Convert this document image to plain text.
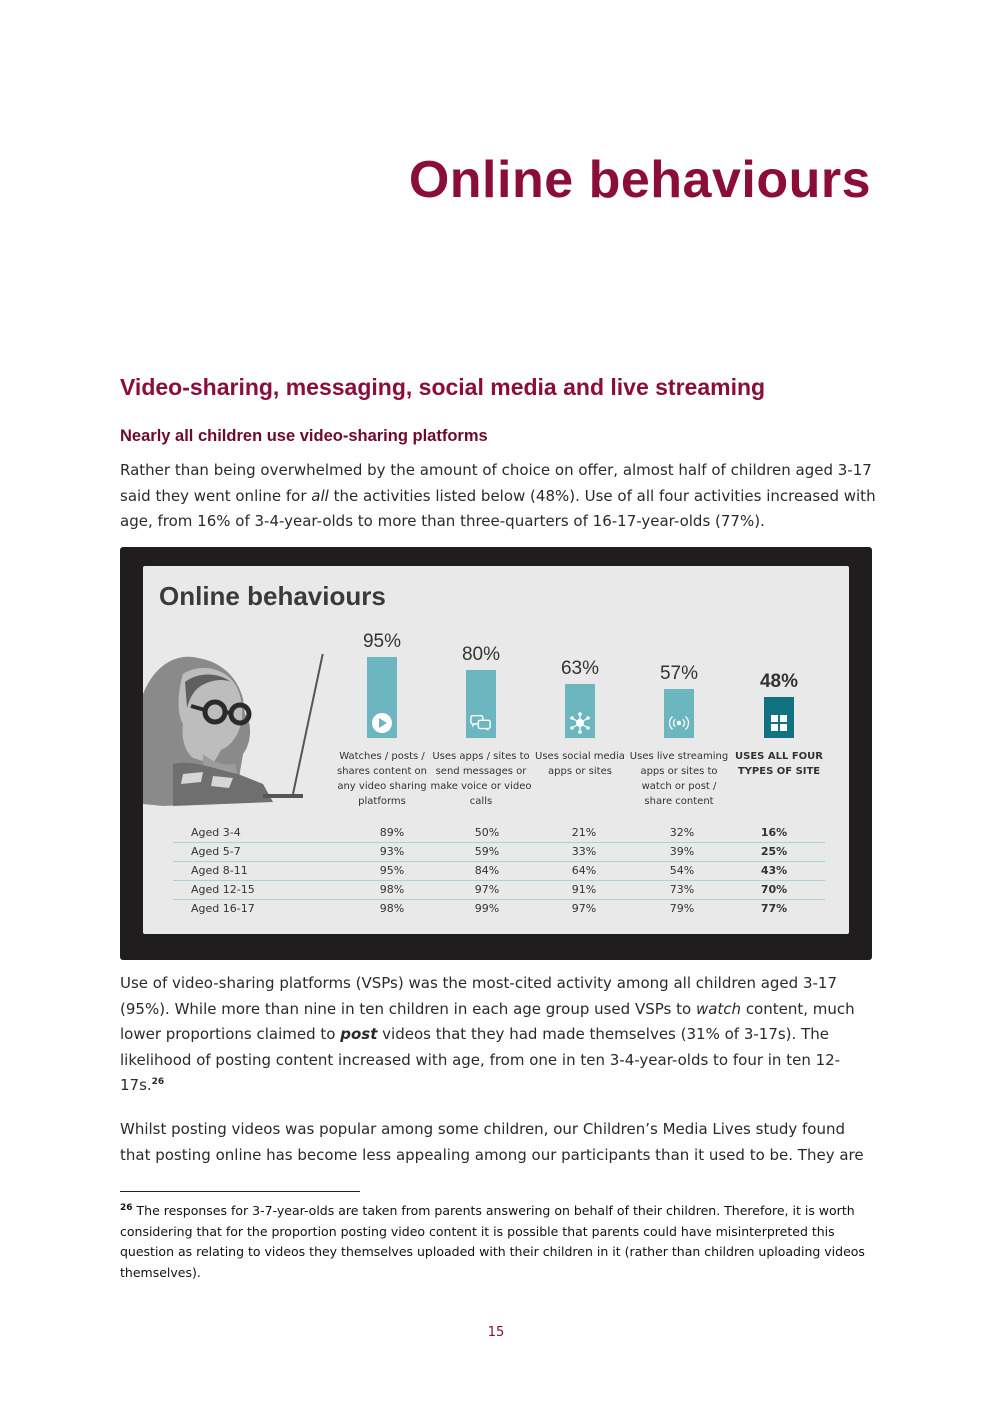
Online behaviours
Video-sharing, messaging, social media and live streaming
Nearly all children use video-sharing platforms

Rather than being overwhelmed by the amount of choice on offer, almost half of children aged 3-17 said they went online for all the activities listed below (48%). Use of all four activities increased with age, from 16% of 3-4-year-olds to more than three-quarters of 16-17-year-olds (77%).

Online behaviours
95%
Watches / posts / shares content on any video sharing platforms
80%
Uses apps / sites to send messages or make voice or video calls
63%
Uses social media apps or sites
57%
Uses live streaming apps or sites to watch or post / share content
48%
USES ALL FOUR TYPES OF SITE
Aged 3-4	89%	50%	21%	32%	16%
Aged 5-7	93%	59%	33%	39%	25%
Aged 8-11	95%	84%	64%	54%	43%
Aged 12-15	98%	97%	91%	73%	70%
Aged 16-17	98%	99%	97%	79%	77%

Use of video-sharing platforms (VSPs) was the most-cited activity among all children aged 3-17 (95%). While more than nine in ten children in each age group used VSPs to watch content, much lower proportions claimed to post videos that they had made themselves (31% of 3-17s). The likelihood of posting content increased with age, from one in ten 3-4-year-olds to four in ten 12-17s.$^{26}$

Whilst posting videos was popular among some children, our Children’s Media Lives study found that posting online has become less appealing among our participants than it used to be. They are

$^{26}$ The responses for 3-7-year-olds are taken from parents answering on behalf of their children. Therefore, it is worth considering that for the proportion posting video content it is possible that parents could have misinterpreted this question as relating to videos they themselves uploaded with their children in it (rather than children uploading videos themselves).

15
